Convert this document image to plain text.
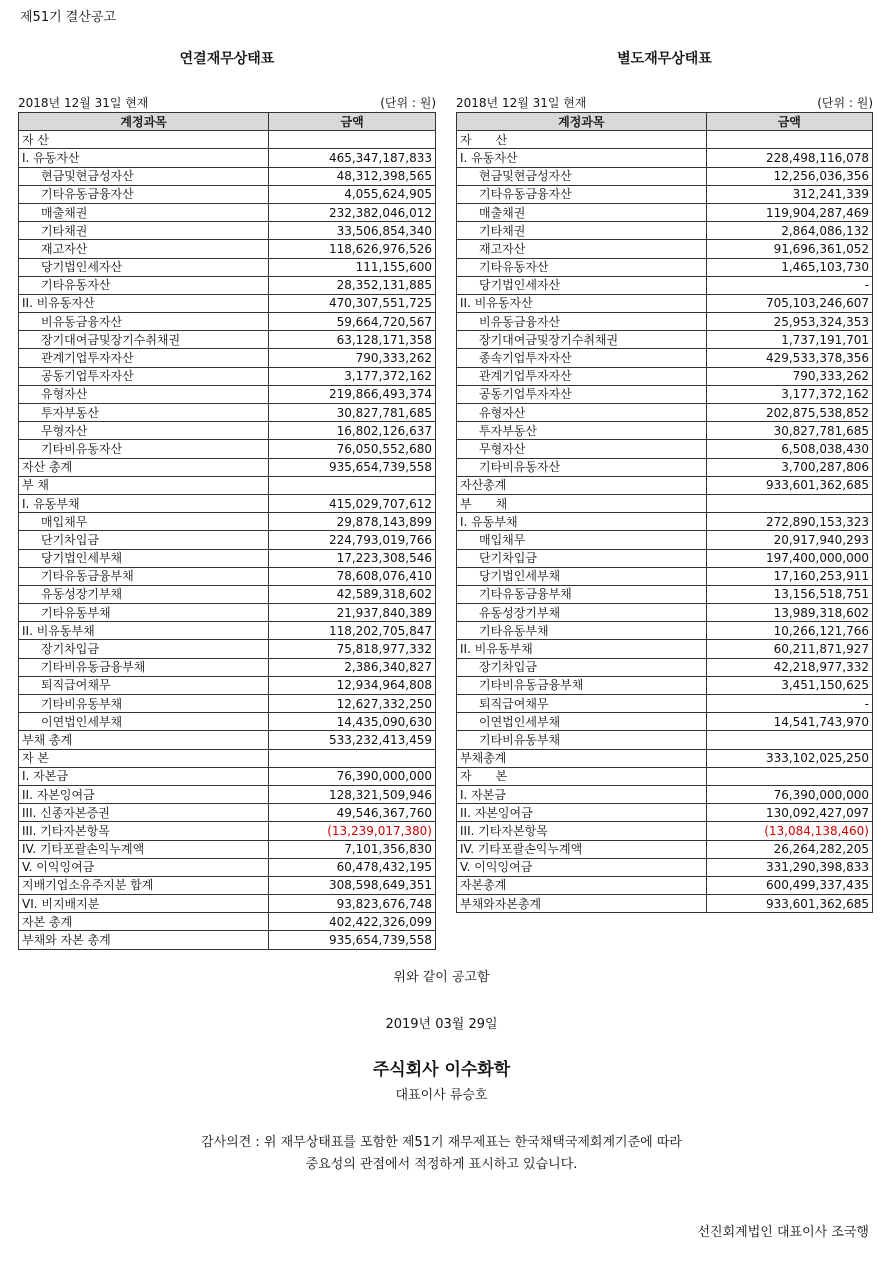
제51기 결산공고
연결재무상태표
2018년 12월 31일 현재	(단위 : 원)
계정과목	금액
자 산	
I. 유동자산	465,347,187,833
현금및현금성자산	48,312,398,565
기타유동금융자산	4,055,624,905
매출채권	232,382,046,012
기타채권	33,506,854,340
재고자산	118,626,976,526
당기법인세자산	111,155,600
기타유동자산	28,352,131,885
II. 비유동자산	470,307,551,725
비유동금융자산	59,664,720,567
장기대여금및장기수취채권	63,128,171,358
관계기업투자자산	790,333,262
공동기업투자자산	3,177,372,162
유형자산	219,866,493,374
투자부동산	30,827,781,685
무형자산	16,802,126,637
기타비유동자산	76,050,552,680
자산 총계	935,654,739,558
부 채	
I. 유동부채	415,029,707,612
매입채무	29,878,143,899
단기차입금	224,793,019,766
당기법인세부채	17,223,308,546
기타유동금융부채	78,608,076,410
유동성장기부채	42,589,318,602
기타유동부채	21,937,840,389
II. 비유동부채	118,202,705,847
장기차입금	75,818,977,332
기타비유동금융부채	2,386,340,827
퇴직급여채무	12,934,964,808
기타비유동부채	12,627,332,250
이연법인세부채	14,435,090,630
부채 총계	533,232,413,459
자 본	
I. 자본금	76,390,000,000
II. 자본잉여금	128,321,509,946
III. 신종자본증권	49,546,367,760
III. 기타자본항목	(13,239,017,380)
IV. 기타포괄손익누계액	7,101,356,830
V. 이익잉여금	60,478,432,195
지배기업소유주지분 합계	308,598,649,351
VI. 비지배지분	93,823,676,748
자본 총계	402,422,326,099
부채와 자본 총계	935,654,739,558
별도재무상태표
2018년 12월 31일 현재	(단위 : 원)
계정과목	금액
자　　산	
I. 유동자산	228,498,116,078
현금및현금성자산	12,256,036,356
기타유동금융자산	312,241,339
매출채권	119,904,287,469
기타채권	2,864,086,132
재고자산	91,696,361,052
기타유동자산	1,465,103,730
당기법인세자산	-
II. 비유동자산	705,103,246,607
비유동금융자산	25,953,324,353
장기대여금및장기수취채권	1,737,191,701
종속기업투자자산	429,533,378,356
관계기업투자자산	790,333,262
공동기업투자자산	3,177,372,162
유형자산	202,875,538,852
투자부동산	30,827,781,685
무형자산	6,508,038,430
기타비유동자산	3,700,287,806
자산총계	933,601,362,685
부　　채	
I. 유동부채	272,890,153,323
매입채무	20,917,940,293
단기차입금	197,400,000,000
당기법인세부채	17,160,253,911
기타유동금융부채	13,156,518,751
유동성장기부채	13,989,318,602
기타유동부채	10,266,121,766
II. 비유동부채	60,211,871,927
장기차입금	42,218,977,332
기타비유동금융부채	3,451,150,625
퇴직급여채무	-
이연법인세부채	14,541,743,970
기타비유동부채	
부채총계	333,102,025,250
자　　본	
I. 자본금	76,390,000,000
II. 자본잉여금	130,092,427,097
III. 기타자본항목	(13,084,138,460)
IV. 기타포괄손익누계액	26,264,282,205
V. 이익잉여금	331,290,398,833
자본총계	600,499,337,435
부채와자본총계	933,601,362,685
위와 같이 공고함
2019년 03월 29일
주식회사 이수화학
대표이사 류승호
감사의견 : 위 재무상태표를 포함한 제51기 재무제표는 한국채택국제회계기준에 따라
중요성의 관점에서 적정하게 표시하고 있습니다.
선진회계법인 대표이사 조국행
